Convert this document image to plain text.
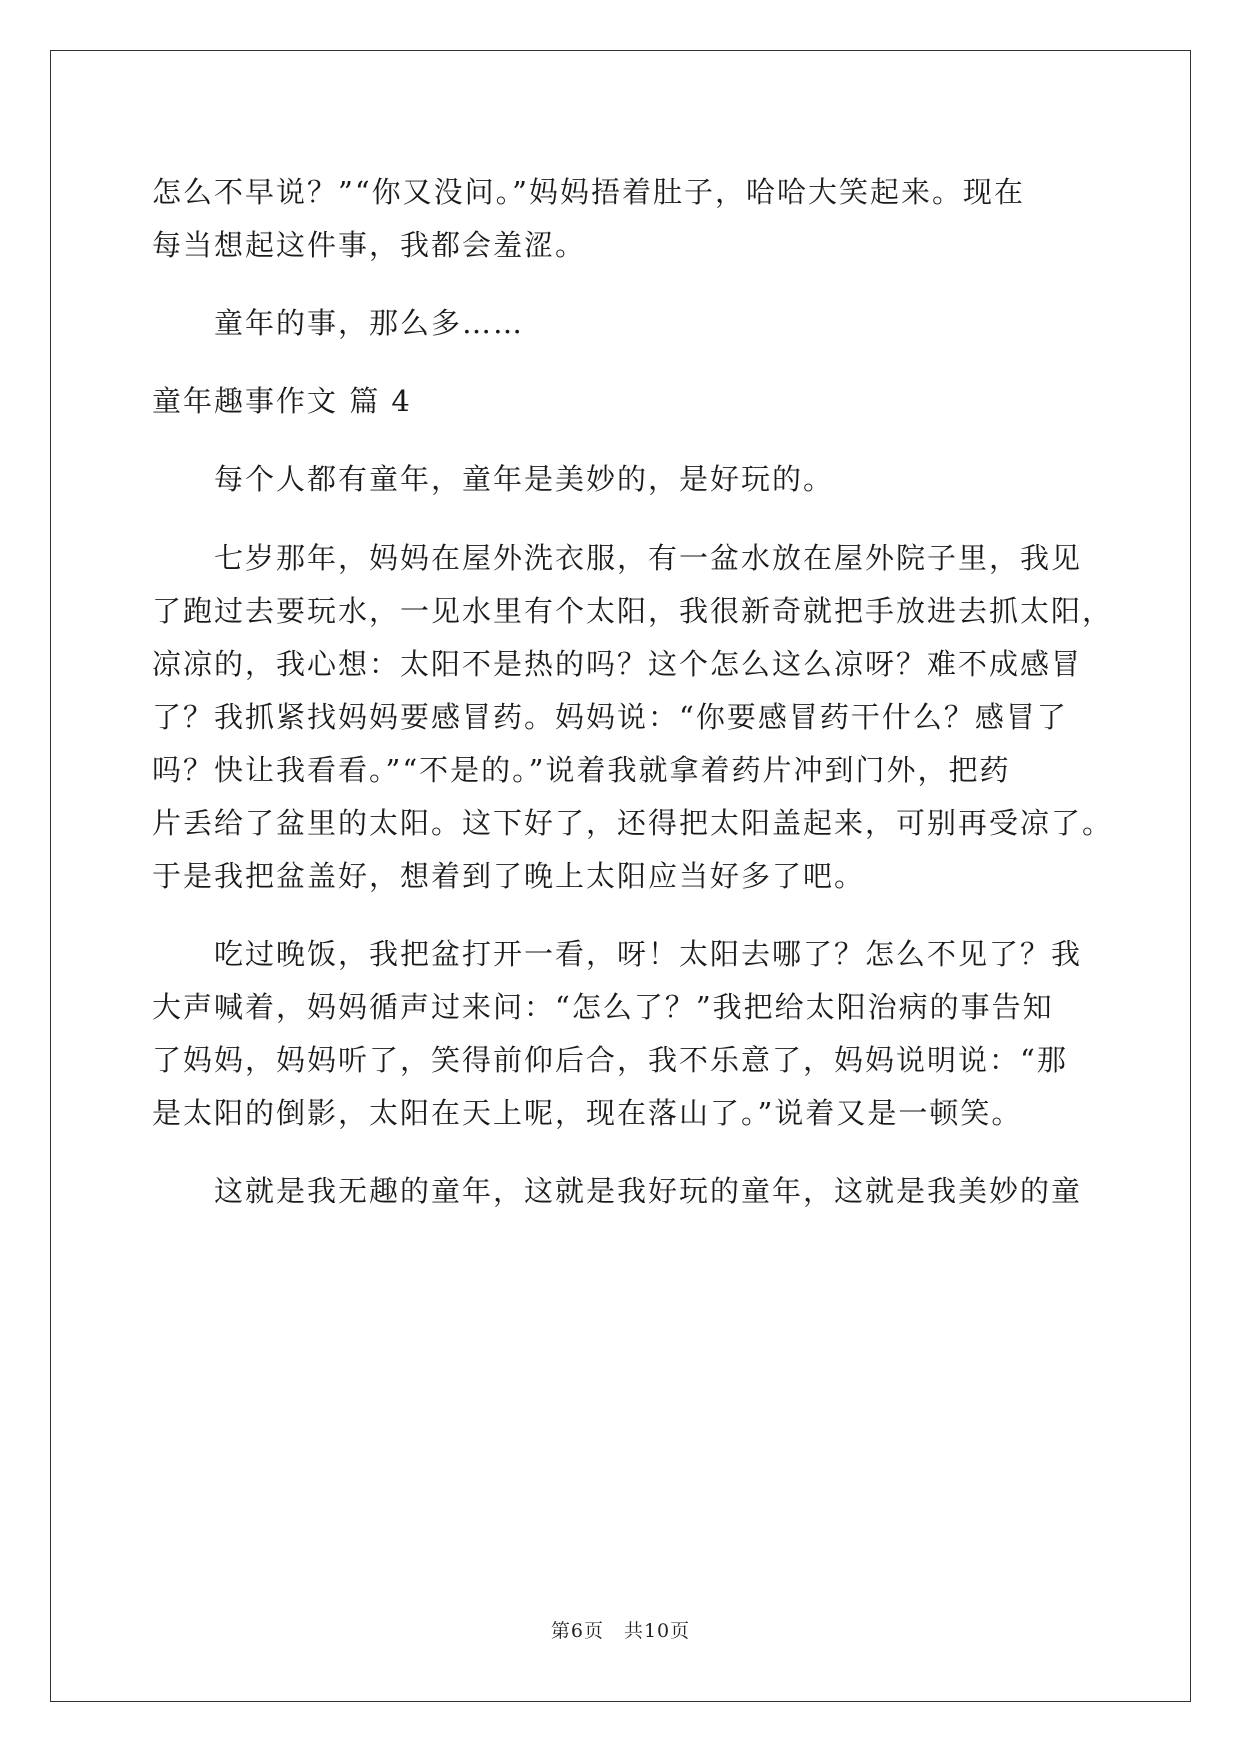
怎么不早说？”“你又没问。”妈妈捂着肚子，哈哈大笑起来。现在
每当想起这件事，我都会羞涩。
　　童年的事，那么多……
童年趣事作文 篇 4
　　每个人都有童年，童年是美妙的，是好玩的。
　　七岁那年，妈妈在屋外洗衣服，有一盆水放在屋外院子里，我见
了跑过去要玩水，一见水里有个太阳，我很新奇就把手放进去抓太阳，
凉凉的，我心想：太阳不是热的吗？这个怎么这么凉呀？难不成感冒
了？我抓紧找妈妈要感冒药。妈妈说：“你要感冒药干什么？感冒了
吗？快让我看看。”“不是的。”说着我就拿着药片冲到门外，把药
片丢给了盆里的太阳。这下好了，还得把太阳盖起来，可别再受凉了。
于是我把盆盖好，想着到了晚上太阳应当好多了吧。
　　吃过晚饭，我把盆打开一看，呀！太阳去哪了？怎么不见了？我
大声喊着，妈妈循声过来问：“怎么了？”我把给太阳治病的事告知
了妈妈，妈妈听了，笑得前仰后合，我不乐意了，妈妈说明说：“那
是太阳的倒影，太阳在天上呢，现在落山了。”说着又是一顿笑。
　　这就是我无趣的童年，这就是我好玩的童年，这就是我美妙的童
第6页　共10页
